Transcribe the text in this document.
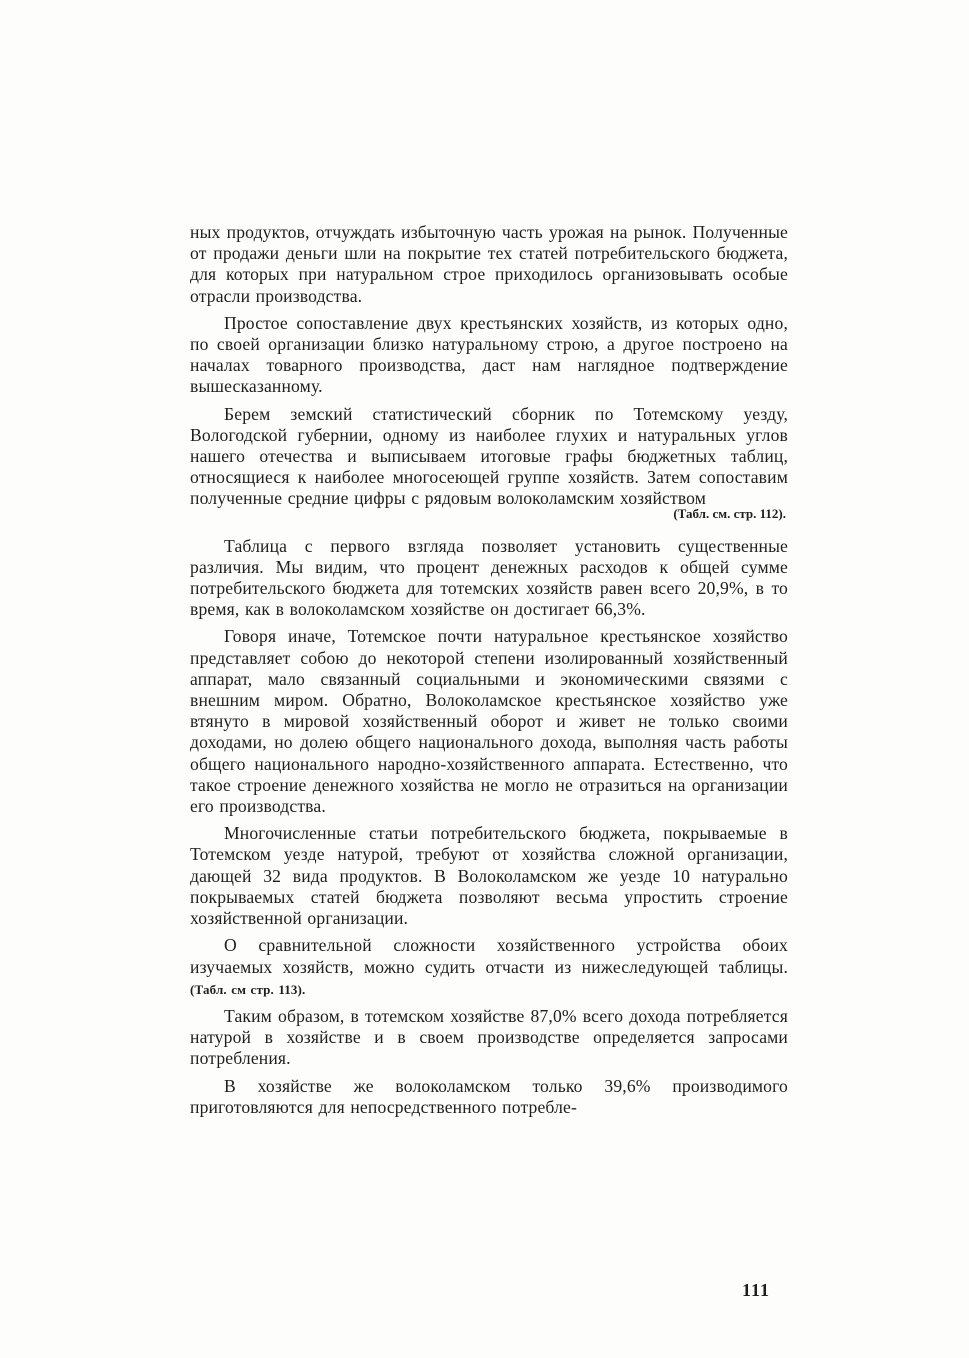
ных продуктов, отчуждать избыточную часть урожая на рынок. Полученные от продажи деньги шли на покрытие тех статей потребительского бюджета, для которых при натуральном строе приходилось организовывать особые отрасли производства.

Простое сопоставление двух крестьянских хозяйств, из которых одно, по своей организации близко натуральному строю, а другое построено на началах товарного производства, даст нам наглядное подтверждение вышесказанному.

Берем земский статистический сборник по Тотемскому уезду, Вологодской губернии, одному из наиболее глухих и натуральных углов нашего отечества и выписываем итоговые графы бюджетных таблиц, относящиеся к наиболее многосеющей группе хозяйств. Затем сопоставим полученные средние цифры с рядовым волоколамским хозяйством

(Табл. см. стр. 112).

Таблица с первого взгляда позволяет установить существенные различия. Мы видим, что процент денежных расходов к общей сумме потребительского бюджета для тотемских хозяйств равен всего 20,9%, в то время, как в волоколамском хозяйстве он достигает 66,3%.

Говоря иначе, Тотемское почти натуральное крестьянское хозяйство представляет собою до некоторой степени изолированный хозяйственный аппарат, мало связанный социальными и экономическими связями с внешним миром. Обратно, Волоколамское крестьянское хозяйство уже втянуто в мировой хозяйственный оборот и живет не только своими доходами, но долею общего национального дохода, выполняя часть работы общего национального народно-хозяйственного аппарата. Естественно, что такое строение денежного хозяйства не могло не отразиться на организации его производства.

Многочисленные статьи потребительского бюджета, покрываемые в Тотемском уезде натурой, требуют от хозяйства сложной организации, дающей 32 вида продуктов. В Волоколамском же уезде 10 натурально покрываемых статей бюджета позволяют весьма упростить строение хозяйственной организации.

О сравнительной сложности хозяйственного устройства обоих изучаемых хозяйств, можно судить отчасти из нижеследующей таблицы. (Табл. см стр. 113).

Таким образом, в тотемском хозяйстве 87,0% всего дохода потребляется натурой в хозяйстве и в своем производстве определяется запросами потребления.

В хозяйстве же волоколамском только 39,6% производимого приготовляются для непосредственного потребле-

111
